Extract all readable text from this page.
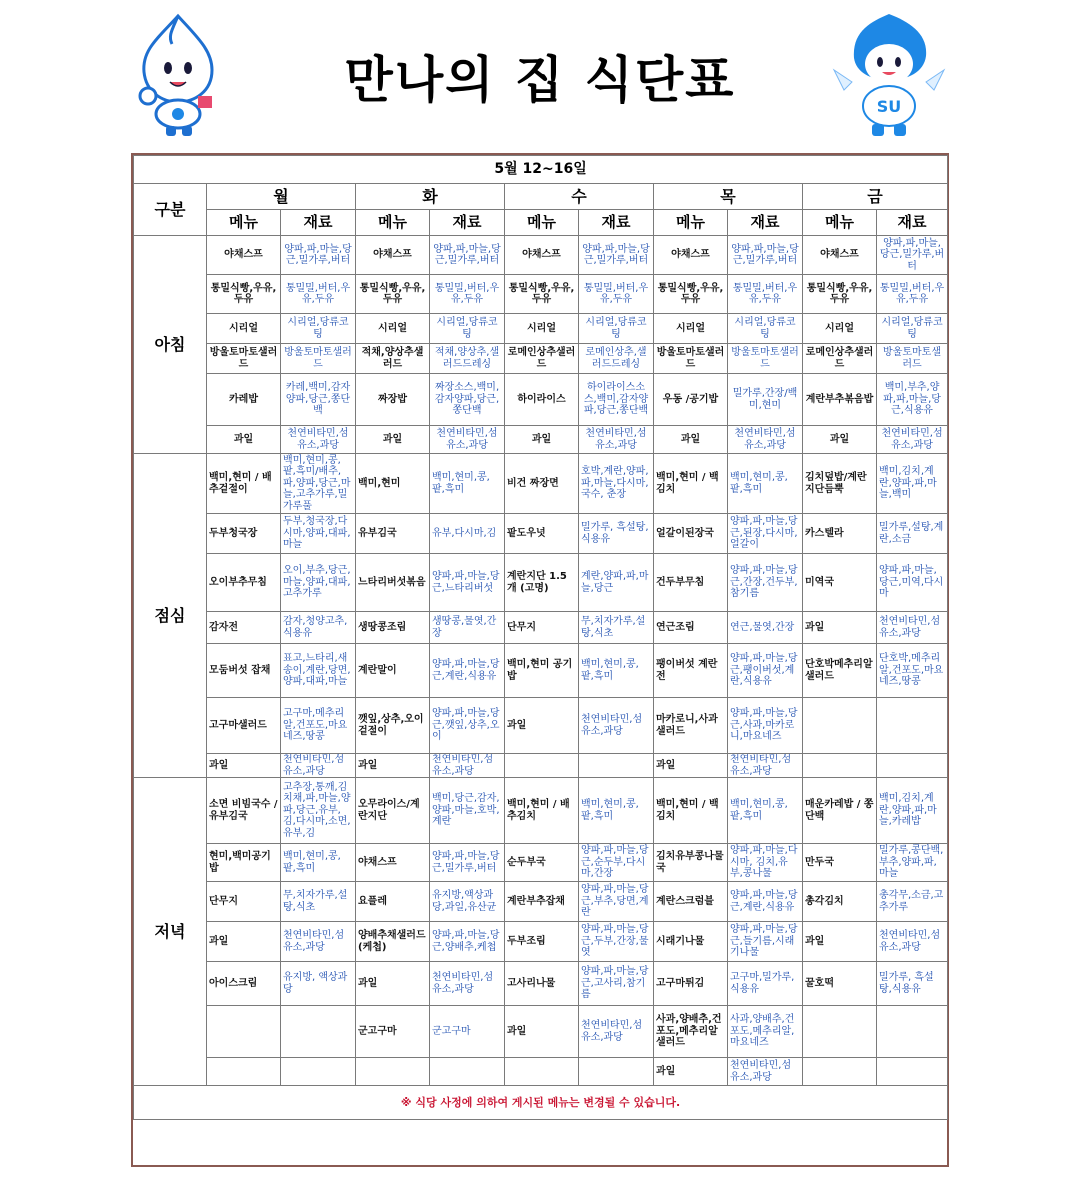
만나의 집 식단표	SU
5월 12~16일										
구분	월		화		수		목		금	
	메뉴	재료	메뉴	재료	메뉴	재료	메뉴	재료	메뉴	재료
아침	야채스프	양파,파,마늘,당근,밀가루,버터	야채스프	양파,파,마늘,당근,밀가루,버터	야채스프	양파,파,마늘,당근,밀가루,버터	야채스프	양파,파,마늘,당근,밀가루,버터	야채스프	양파,파,마늘,당근,밀가루,버터
	통밀식빵,우유,두유	통밀밀,버터,우유,두유	통밀식빵,우유,두유	통밀밀,버터,우유,두유	통밀식빵,우유,두유	통밀밀,버터,우유,두유	통밀식빵,우유,두유	통밀밀,버터,우유,두유	통밀식빵,우유,두유	통밀밀,버터,우유,두유
	시리얼	시리얼,당류코팅	시리얼	시리얼,당류코팅	시리얼	시리얼,당류코팅	시리얼	시리얼,당류코팅	시리얼	시리얼,당류코팅
	방울토마토샐러드	방울토마토샐러드	적채,양상추샐러드	적채,양상추,샐러드드레싱	로메인상추샐러드	로메인상추,샐러드드레싱	방울토마토샐러드	방울토마토샐러드	로메인상추샐러드	방울토마토샐러드
	카레밥	카레,백미,감자양파,당근,쫑단백	짜장밥	짜장소스,백미,감자양파,당근,쫑단백	하이라이스	하이라이스소스,백미,감자양파,당근,쫑단백	우동 /공기밥	밀가루,간장/백미,현미	계란부추볶음밥	백미,부추,양파,파,마늘,당근,식용유
	과일	천연비타민,섬유소,과당	과일	천연비타민,섬유소,과당	과일	천연비타민,섬유소,과당	과일	천연비타민,섬유소,과당	과일	천연비타민,섬유소,과당
점심	백미,현미 / 배추겉절이	백미,현미,콩,팥,흑미/배추,파,양파,당근,마늘,고추가루,밀가루풀	백미,현미	백미,현미,콩,팥,흑미	비건 짜장면	호박,계란,양파,파,마늘,다시마,국수, 춘장	백미,현미 / 백김치	백미,현미,콩,팥,흑미	김치덮밥/계란지단듬뿍	백미,김치,계란,양파,파,마늘,백미
	두부청국장	두부,청국장,다시마,양파,대파,마늘	유부김국	유부,다시마,김	팥도우넛	밀가루, 흑설탕,식용유	얼갈이된장국	양파,파,마늘,당근,된장,다시마,얼갈이	카스텔라	밀가루,설탕,계란,소금
	오이부추무침	오이,부추,당근,마늘,양파,대파,고추가루	느타리버섯볶음	양파,파,마늘,당근,느타리버섯	계란지단 1.5개 (고명)	계란,양파,파,마늘,당근	건두부무침	양파,파,마늘,당근,간장,건두부,참기름	미역국	양파,파,마늘,당근,미역,다시마
	감자전	감자,청양고추,식용유	생땅콩조림	생땅콩,물엿,간장	단무지	무,치자가루,설탕,식초	연근조림	연근,물엿,간장	과일	천연비타민,섬유소,과당
	모둠버섯 잡채	표고,느타리,새송이,계란,당면,양파,대파,마늘	계란말이	양파,파,마늘,당근,계란,식용유	백미,현미 공기밥	백미,현미,콩,팥,흑미	팽이버섯 계란전	양파,파,마늘,당근,팽이버섯,계란,식용유	단호박메추리알샐러드	단호박,메추리알,건포도,마요네즈,땅콩
	고구마샐러드	고구마,메추리알,건포도,마요네즈,땅콩	깻잎,상추,오이겉절이	양파,파,마늘,당근,깻잎,상추,오이	과일	천연비타민,섬유소,과당	마카로니,사과샐러드	양파,파,마늘,당근,사과,마카로니,마요네즈		
	과일	천연비타민,섬유소,과당	과일	천연비타민,섬유소,과당			과일	천연비타민,섬유소,과당		
저녁	소면 비빔국수 / 유부김국	고추장,통깨,김치채,파,마늘,양파,당근,유부,김,다시마,소면,유부,김	오무라이스/계란지단	백미,당근,감자,양파,마늘,호박,계란	백미,현미 / 배추김치	백미,현미,콩,팥,흑미	백미,현미 / 백김치	백미,현미,콩,팥,흑미	매운카레밥 / 쫑단백	백미,김치,계란,양파,파,마늘,카레밥
	현미,백미공기밥	백미,현미,콩,팥,흑미	야채스프	양파,파,마늘,당근,밀가루,버터	순두부국	양파,파,마늘,당근,순두부,다시마,간장	김치유부콩나물국	양파,파,마늘,다시마, 김치,유부,콩나물	만두국	밀가루,콩단백,부추,양파,파,마늘
	단무지	무,치자가루,설탕,식초	요플레	유지방,액상과당,과일,유산균	계란부추잡채	양파,파,마늘,당근,부추,당면,계란	계란스크럼블	양파,파,마늘,당근,계란,식용유	총각김치	총각무,소금,고추가루
	과일	천연비타민,섬유소,과당	양배추채샐러드(케첩)	양파,파,마늘,당근,양배추,케첩	두부조림	양파,파,마늘,당근,두부,간장,물엿	시래기나물	양파,파,마늘,당근,들기름,시래기나물	과일	천연비타민,섬유소,과당
	아이스크림	유지방, 액상과당	과일	천연비타민,섬유소,과당	고사리나물	양파,파,마늘,당근,고사리,참기름	고구마튀김	고구마,밀가루,식용유	꿀호떡	밀가루, 흑설탕,식용유
			군고구마	군고구마	과일	천연비타민,섬유소,과당	사과,양배추,건포도,메추리알샐러드	사과,양배추,건포도,메추리알,마요네즈		
							과일	천연비타민,섬유소,과당		
※ 식당 사정에 의하여 게시된 메뉴는 변경될 수 있습니다.										
